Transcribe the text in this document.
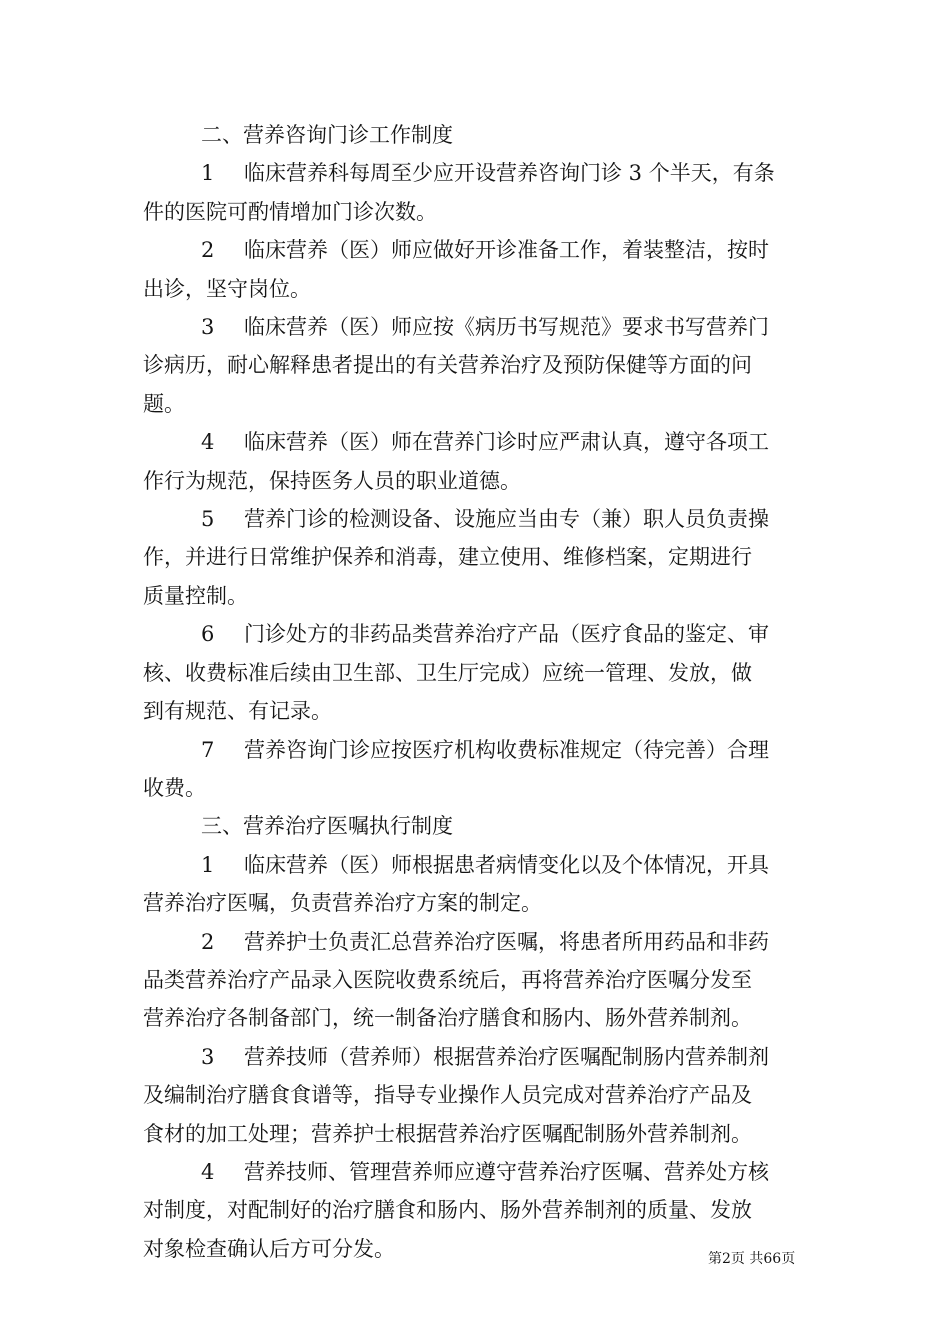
二、营养咨询门诊工作制度

1 临床营养科每周至少应开设营养咨询门诊 3 个半天，有条
件的医院可酌情增加门诊次数。

2 临床营养（医）师应做好开诊准备工作，着装整洁，按时
出诊，坚守岗位。

3 临床营养（医）师应按《病历书写规范》要求书写营养门
诊病历，耐心解释患者提出的有关营养治疗及预防保健等方面的问
题。

4 临床营养（医）师在营养门诊时应严肃认真，遵守各项工
作行为规范，保持医务人员的职业道德。

5 营养门诊的检测设备、设施应当由专（兼）职人员负责操
作，并进行日常维护保养和消毒，建立使用、维修档案，定期进行
质量控制。

6 门诊处方的非药品类营养治疗产品（医疗食品的鉴定、审
核、收费标准后续由卫生部、卫生厅完成）应统一管理、发放，做
到有规范、有记录。

7 营养咨询门诊应按医疗机构收费标准规定（待完善）合理
收费。

三、营养治疗医嘱执行制度

1 临床营养（医）师根据患者病情变化以及个体情况，开具
营养治疗医嘱，负责营养治疗方案的制定。

2 营养护士负责汇总营养治疗医嘱，将患者所用药品和非药
品类营养治疗产品录入医院收费系统后，再将营养治疗医嘱分发至
营养治疗各制备部门，统一制备治疗膳食和肠内、肠外营养制剂。

3 营养技师（营养师）根据营养治疗医嘱配制肠内营养制剂
及编制治疗膳食食谱等，指导专业操作人员完成对营养治疗产品及
食材的加工处理；营养护士根据营养治疗医嘱配制肠外营养制剂。

4 营养技师、管理营养师应遵守营养治疗医嘱、营养处方核
对制度，对配制好的治疗膳食和肠内、肠外营养制剂的质量、发放
对象检查确认后方可分发。	第2页 共66页
